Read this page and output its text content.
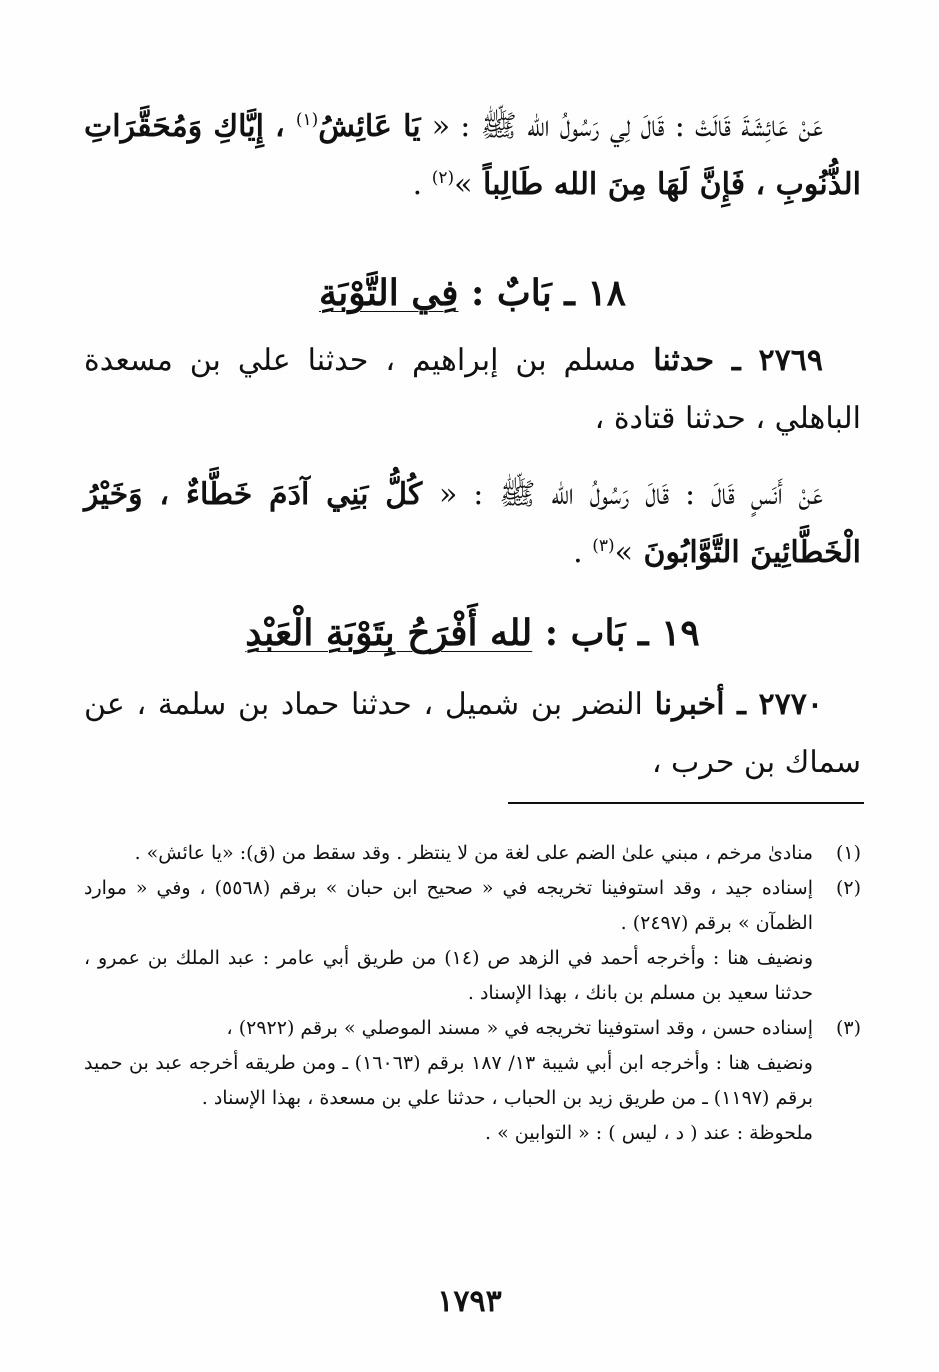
عَنْ عَائِشَةَ قَالَتْ : قَالَ لِي رَسُولُ الله ﷺ : « يَا عَائِشُ$^{(١)}$ ، إِيَّاكِ وَمُحَقَّرَاتِ الذُّنُوبِ ، فَإِنَّ لَهَا مِنَ الله طَالِباً »$^{(٢)}$ .

١٨ ـ بَابٌ : فِي التَّوْبَةِ

٢٧٦٩ ـ حدثنا مسلم بن إبراهيم ، حدثنا علي بن مسعدة الباهلي ، حدثنا قتادة ،

عَنْ أَنَسٍ قَالَ : قَالَ رَسُولُ الله ﷺ : « كُلُّ بَنِي آدَمَ خَطَّاءٌ ، وَخَيْرُ الْخَطَّائِينَ التَّوَّابُونَ »$^{(٣)}$ .

١٩ ـ بَاب : لله أَفْرَحُ بِتَوْبَةِ الْعَبْدِ

٢٧٧٠ ـ أخبرنا النضر بن شميل ، حدثنا حماد بن سلمة ، عن سماك بن حرب ،

(١)
منادىٰ مرخم ، مبني علىٰ الضم على لغة من لا ينتظر . وقد سقط من (ق): «يا عائش» .
(٢)
إسناده جيد ، وقد استوفينا تخريجه في « صحيح ابن حبان » برقم (٥٥٦٨) ، وفي « موارد الظمآن » برقم (٢٤٩٧) .
ونضيف هنا : وأخرجه أحمد في الزهد ص (١٤) من طريق أبي عامر : عبد الملك بن عمرو ، حدثنا سعيد بن مسلم بن بانك ، بهذا الإسناد .
(٣)
إسناده حسن ، وقد استوفينا تخريجه في « مسند الموصلي » برقم (٢٩٢٢) ،
ونضيف هنا : وأخرجه ابن أبي شيبة ١٣/ ١٨٧ برقم (١٦٠٦٣) ـ ومن طريقه أخرجه عبد بن حميد برقم (١١٩٧) ـ من طريق زيد بن الحباب ، حدثنا علي بن مسعدة ، بهذا الإسناد .
ملحوظة : عند ( د ، ليس ) : « التوابين » .
١٧٩٣
